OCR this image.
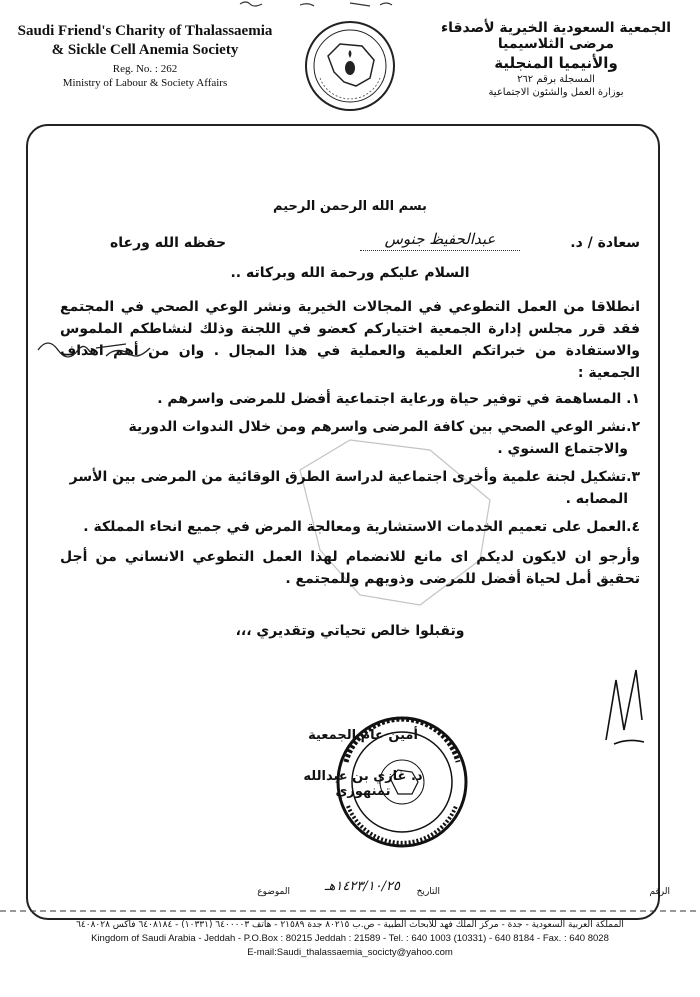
Saudi Friend's Charity of Thalassaemia
& Sickle Cell Anemia Society
Reg. No. : 262
Ministry of Labour & Society Affairs
الجمعية السعودية الخيرية لأصدقاء مرضى الثلاسيميا
والأنيميا المنجلية
المسجلة برقم ٢٦٢
بوزارة العمل والشئون الاجتماعية
بسم الله الرحمن الرحيم
سعادة / د.
عبدالحفيظ جنوس
حفظه الله ورعاه
السلام عليكم ورحمة الله وبركاته ..

انطلاقا من العمل التطوعي في المجالات الخيرية ونشر الوعي الصحي في المجتمع فقد قرر مجلس إدارة الجمعية اختياركم كعضو في اللجنة وذلك لنشاطكم الملموس والاستفادة من خبراتكم العلمية والعملية في هذا المجال . وان من أهم اهداف الجمعية :

١. المساهمة في توفير حياة ورعاية اجتماعية أفضل للمرضى واسرهم .
٢.نشر الوعي الصحي بين كافة المرضى واسرهم ومن خلال الندوات الدورية والاجتماع السنوي .
٣.تشكيل لجنة علمية وأخرى اجتماعية لدراسة الطرق الوقائية من المرضى بين الأسر المصابه .
٤.العمل على تعميم الخدمات الاستشارية ومعالجة المرض في جميع انحاء المملكة .

وأرجو ان لايكون لديكم اى مانع للانضمام لهذا العمل التطوعي الانساني من أجل تحقيق أمل لحياة أفضل للمرضى وذويهم وللمجتمع .

وتقبلوا خالص تحياتي وتقديري ،،،
أمين عام الجمعية
د. غازي بن عبدالله تمنهوري
الرقم
التاريخ
١٤٢٣/١٠/٢٥هـ
الموضوع
المملكة العربية السعودية - جدة - مركز الملك فهد للأبحاث الطبية - ص.ب ٨٠٢١٥ جدة ٢١٥٨٩ - هاتف ٦٤٠٠٠٠٣ (١٠٣٣١) - ٦٤٠٨١٨٤ فاكس ٦٤٠٨٠٢٨
Kingdom of Saudi Arabia - Jeddah - P.O.Box : 80215 Jeddah : 21589 - Tel. : 640 1003 (10331) - 640 8184 - Fax. : 640 8028
E-mail:Saudi_thalassaemia_socicty@yahoo.com
